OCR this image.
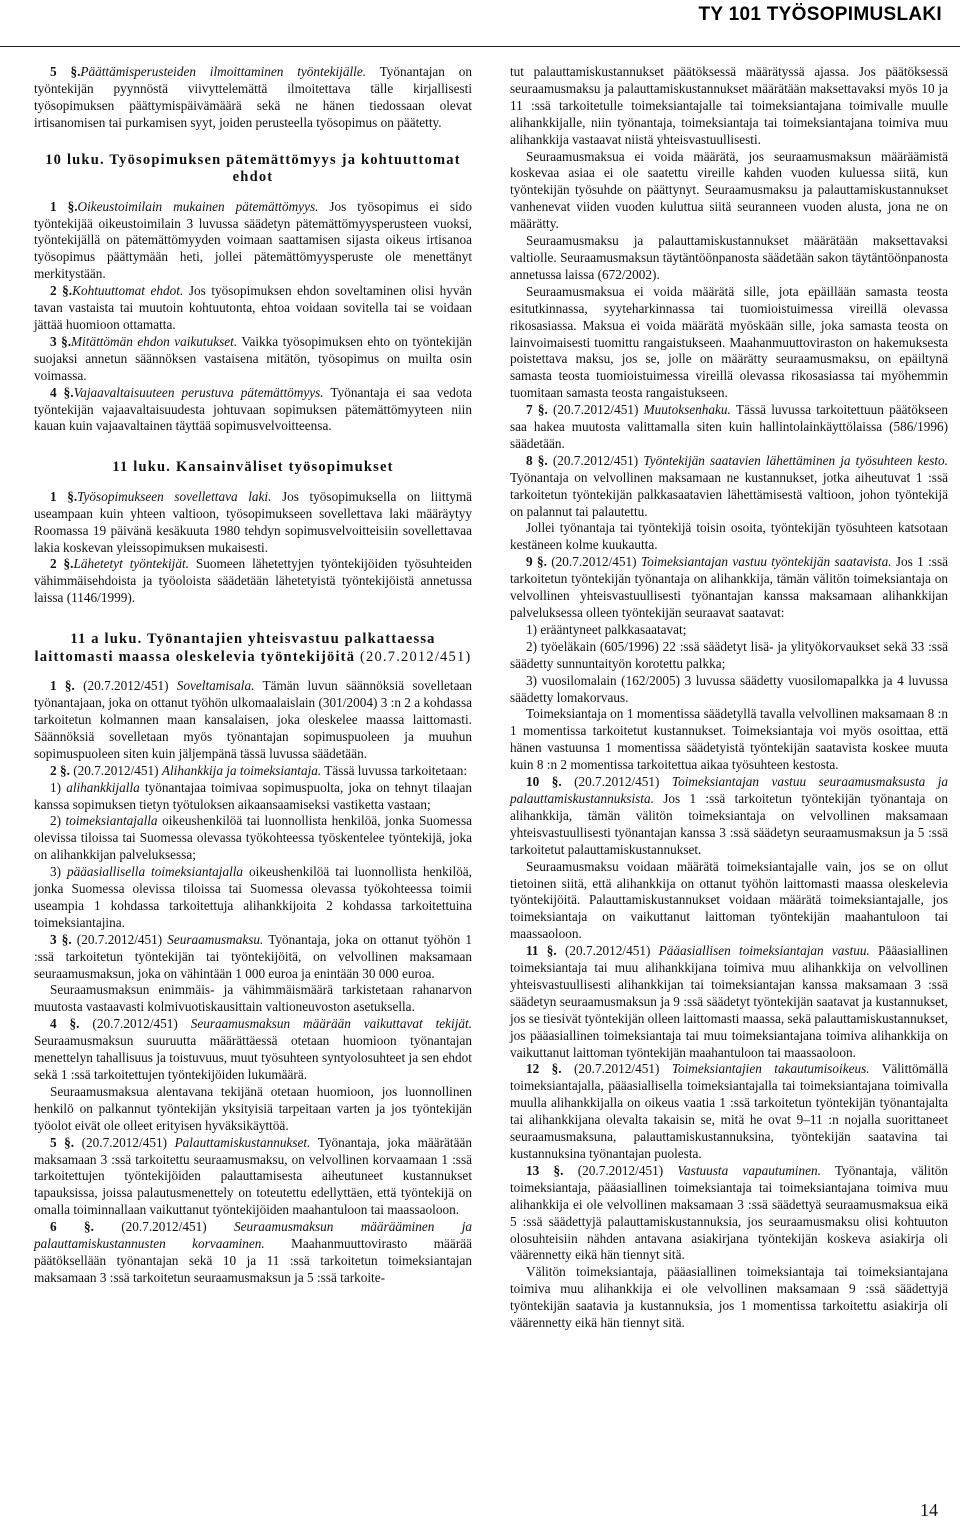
TY 101 TYÖSOPIMUSLAKI

5 §.Päättämisperusteiden ilmoittaminen työntekijälle. Työnantajan on työntekijän pyynnöstä viivyttelemättä ilmoitettava tälle kirjallisesti työsopimuksen päättymispäivämäärä sekä ne hänen tiedossaan olevat irtisanomisen tai purkamisen syyt, joiden perusteella työsopimus on päätetty.

10 luku. Työsopimuksen pätemättömyys ja kohtuuttomat ehdot

1 §.Oikeustoimilain mukainen pätemättömyys. Jos työsopimus ei sido työntekijää oikeustoimilain 3 luvussa säädetyn pätemättömyysperusteen vuoksi, työntekijällä on pätemättömyyden voimaan saattamisen sijasta oikeus irtisanoa työsopimus päättymään heti, jollei pätemättömyysperuste ole menettänyt merkitystään.

2 §.Kohtuuttomat ehdot. Jos työsopimuksen ehdon soveltaminen olisi hyvän tavan vastaista tai muutoin kohtuutonta, ehtoa voidaan sovitella tai se voidaan jättää huomioon ottamatta.

3 §.Mitättömän ehdon vaikutukset. Vaikka työsopimuksen ehto on työntekijän suojaksi annetun säännöksen vastaisena mitätön, työsopimus on muilta osin voimassa.

4 §.Vajaavaltaisuuteen perustuva pätemättömyys. Työnantaja ei saa vedota työntekijän vajaavaltaisuudesta johtuvaan sopimuksen pätemättömyyteen niin kauan kuin vajaavaltainen täyttää sopimusvelvoitteensa.

11 luku. Kansainväliset työsopimukset

1 §.Työsopimukseen sovellettava laki. Jos työsopimuksella on liittymä useampaan kuin yhteen valtioon, työsopimukseen sovellettava laki määräytyy Roomassa 19 päivänä kesäkuuta 1980 tehdyn sopimusvelvoitteisiin sovellettavaa lakia koskevan yleissopimuksen mukaisesti.

2 §.Lähetetyt työntekijät. Suomeen lähetettyjen työntekijöiden työsuhteiden vähimmäisehdoista ja työoloista säädetään lähetetyistä työntekijöistä annetussa laissa (1146/1999).

11 a luku. Työnantajien yhteisvastuu palkattaessa laittomasti maassa oleskelevia työntekijöitä (20.7.2012/451)

1 §. (20.7.2012/451) Soveltamisala. Tämän luvun säännöksiä sovelletaan työnantajaan, joka on ottanut työhön ulkomaalaislain (301/2004) 3 :n 2 a kohdassa tarkoitetun kolmannen maan kansalaisen, joka oleskelee maassa laittomasti. Säännöksiä sovelletaan myös työnantajan sopimuspuoleen ja muuhun sopimuspuoleen siten kuin jäljempänä tässä luvussa säädetään.

2 §. (20.7.2012/451) Alihankkija ja toimeksiantaja. Tässä luvussa tarkoitetaan:

1) alihankkijalla työnantajaa toimivaa sopimuspuolta, joka on tehnyt tilaajan kanssa sopimuksen tietyn työtuloksen aikaansaamiseksi vastiketta vastaan;

2) toimeksiantajalla oikeushenkilöä tai luonnollista henkilöä, jonka Suomessa olevissa tiloissa tai Suomessa olevassa työkohteessa työskentelee työntekijä, joka on alihankkijan palveluksessa;

3) pääasiallisella toimeksiantajalla oikeushenkilöä tai luonnollista henkilöä, jonka Suomessa olevissa tiloissa tai Suomessa olevassa työkohteessa toimii useampia 1 kohdassa tarkoitettuja alihankkijoita 2 kohdassa tarkoitettuina toimeksiantajina.

3 §. (20.7.2012/451) Seuraamusmaksu. Työnantaja, joka on ottanut työhön 1 :ssä tarkoitetun työntekijän tai työntekijöitä, on velvollinen maksamaan seuraamusmaksun, joka on vähintään 1 000 euroa ja enintään 30 000 euroa.

Seuraamusmaksun enimmäis- ja vähimmäismäärä tarkistetaan rahanarvon muutosta vastaavasti kolmivuotiskausittain valtioneuvoston asetuksella.

4 §. (20.7.2012/451) Seuraamusmaksun määrään vaikuttavat tekijät. Seuraamusmaksun suuruutta määrättäessä otetaan huomioon työnantajan menettelyn tahallisuus ja toistuvuus, muut työsuhteen syntyolosuhteet ja sen ehdot sekä 1 :ssä tarkoitettujen työntekijöiden lukumäärä.

Seuraamusmaksua alentavana tekijänä otetaan huomioon, jos luonnollinen henkilö on palkannut työntekijän yksityisiä tarpeitaan varten ja jos työntekijän työolot eivät ole olleet erityisen hyväksikäyttöä.

5 §. (20.7.2012/451) Palauttamiskustannukset. Työnantaja, joka määrätään maksamaan 3 :ssä tarkoitettu seuraamusmaksu, on velvollinen korvaamaan 1 :ssä tarkoitettujen työntekijöiden palauttamisesta aiheutuneet kustannukset tapauksissa, joissa palautusmenettely on toteutettu edellyttäen, että työntekijä on omalla toiminnallaan vaikuttanut työntekijöiden maahantuloon tai maassaoloon.

6 §. (20.7.2012/451) Seuraamusmaksun määrääminen ja palauttamiskustannusten korvaaminen. Maahanmuuttovirasto määrää päätöksellään työnantajan sekä 10 ja 11 :ssä tarkoitetun toimeksiantajan maksamaan 3 :ssä tarkoitetun seuraamusmaksun ja 5 :ssä tarkoite-

tut palauttamiskustannukset päätöksessä määrätyssä ajassa. Jos päätöksessä seuraamusmaksu ja palauttamiskustannukset määrätään maksettavaksi myös 10 ja 11 :ssä tarkoitetulle toimeksiantajalle tai toimeksiantajana toimivalle muulle alihankkijalle, niin työnantaja, toimeksiantaja tai toimeksiantajana toimiva muu alihankkija vastaavat niistä yhteisvastuullisesti.

Seuraamusmaksua ei voida määrätä, jos seuraamusmaksun määräämistä koskevaa asiaa ei ole saatettu vireille kahden vuoden kuluessa siitä, kun työntekijän työsuhde on päättynyt. Seuraamusmaksu ja palauttamiskustannukset vanhenevat viiden vuoden kuluttua siitä seuranneen vuoden alusta, jona ne on määrätty.

Seuraamusmaksu ja palauttamiskustannukset määrätään maksettavaksi valtiolle. Seuraamusmaksun täytäntöönpanosta säädetään sakon täytäntöönpanosta annetussa laissa (672/2002).

Seuraamusmaksua ei voida määrätä sille, jota epäillään samasta teosta esitutkinnassa, syyteharkinnassa tai tuomioistuimessa vireillä olevassa rikosasiassa. Maksua ei voida määrätä myöskään sille, joka samasta teosta on lainvoimaisesti tuomittu rangaistukseen. Maahanmuuttoviraston on hakemuksesta poistettava maksu, jos se, jolle on määrätty seuraamusmaksu, on epäiltynä samasta teosta tuomioistuimessa vireillä olevassa rikosasiassa tai myöhemmin tuomitaan samasta teosta rangaistukseen.

7 §. (20.7.2012/451) Muutoksenhaku. Tässä luvussa tarkoitettuun päätökseen saa hakea muutosta valittamalla siten kuin hallintolainkäyttölaissa (586/1996) säädetään.

8 §. (20.7.2012/451) Työntekijän saatavien lähettäminen ja työsuhteen kesto. Työnantaja on velvollinen maksamaan ne kustannukset, jotka aiheutuvat 1 :ssä tarkoitetun työntekijän palkkasaatavien lähettämisestä valtioon, johon työntekijä on palannut tai palautettu.

Jollei työnantaja tai työntekijä toisin osoita, työntekijän työsuhteen katsotaan kestäneen kolme kuukautta.

9 §. (20.7.2012/451) Toimeksiantajan vastuu työntekijän saatavista. Jos 1 :ssä tarkoitetun työntekijän työnantaja on alihankkija, tämän välitön toimeksiantaja on velvollinen yhteisvastuullisesti työnantajan kanssa maksamaan alihankkijan palveluksessa olleen työntekijän seuraavat saatavat:

1) erääntyneet palkkasaatavat;

2) työeläkain (605/1996) 22 :ssä säädetyt lisä- ja ylityökorvaukset sekä 33 :ssä säädetty sunnuntaityön korotettu palkka;

3) vuosilomalain (162/2005) 3 luvussa säädetty vuosilomapalkka ja 4 luvussa säädetty lomakorvaus.

Toimeksiantaja on 1 momentissa säädetyllä tavalla velvollinen maksamaan 8 :n 1 momentissa tarkoitetut kustannukset. Toimeksiantaja voi myös osoittaa, että hänen vastuunsa 1 momentissa säädetyistä työntekijän saatavista koskee muuta kuin 8 :n 2 momentissa tarkoitettua aikaa työsuhteen kestosta.

10 §. (20.7.2012/451) Toimeksiantajan vastuu seuraamusmaksusta ja palauttamiskustannuksista. Jos 1 :ssä tarkoitetun työntekijän työnantaja on alihankkija, tämän välitön toimeksiantaja on velvollinen maksamaan yhteisvastuullisesti työnantajan kanssa 3 :ssä säädetyn seuraamusmaksun ja 5 :ssä tarkoitetut palauttamiskustannukset.

Seuraamusmaksu voidaan määrätä toimeksiantajalle vain, jos se on ollut tietoinen siitä, että alihankkija on ottanut työhön laittomasti maassa oleskelevia työntekijöitä. Palauttamiskustannukset voidaan määrätä toimeksiantajalle, jos toimeksiantaja on vaikuttanut laittoman työntekijän maahantuloon tai maassaoloon.

11 §. (20.7.2012/451) Pääasiallisen toimeksiantajan vastuu. Pääasiallinen toimeksiantaja tai muu alihankkijana toimiva muu alihankkija on velvollinen yhteisvastuullisesti alihankkijan tai toimeksiantajan kanssa maksamaan 3 :ssä säädetyn seuraamusmaksun ja 9 :ssä säädetyt työntekijän saatavat ja kustannukset, jos se tiesivät työntekijän olleen laittomasti maassa, sekä palauttamiskustannukset, jos pääasiallinen toimeksiantaja tai muu toimeksiantajana toimiva alihankkija on vaikuttanut laittoman työntekijän maahantuloon tai maassaoloon.

12 §. (20.7.2012/451) Toimeksiantajien takautumisoikeus. Välittömällä toimeksiantajalla, pääasiallisella toimeksiantajalla tai toimeksiantajana toimivalla muulla alihankkijalla on oikeus vaatia 1 :ssä tarkoitetun työntekijän työnantajalta tai alihankkijana olevalta takaisin se, mitä he ovat 9–11 :n nojalla suorittaneet seuraamusmaksuna, palauttamiskustannuksina, työntekijän saatavina tai kustannuksina työnantajan puolesta.

13 §. (20.7.2012/451) Vastuusta vapautuminen. Työnantaja, välitön toimeksiantaja, pääasiallinen toimeksiantaja tai toimeksiantajana toimiva muu alihankkija ei ole velvollinen maksamaan 3 :ssä säädettyä seuraamusmaksua eikä 5 :ssä säädettyjä palauttamiskustannuksia, jos seuraamusmaksu olisi kohtuuton olosuhteisiin nähden antavana asiakirjana työntekijän koskeva asiakirja oli väärennetty eikä hän tiennyt sitä.

Välitön toimeksiantaja, pääasiallinen toimeksiantaja tai toimeksiantajana toimiva muu alihankkija ei ole velvollinen maksamaan 9 :ssä säädettyjä työntekijän saatavia ja kustannuksia, jos 1 momentissa tarkoitettu asiakirja oli väärennetty eikä hän tiennyt sitä.

14
